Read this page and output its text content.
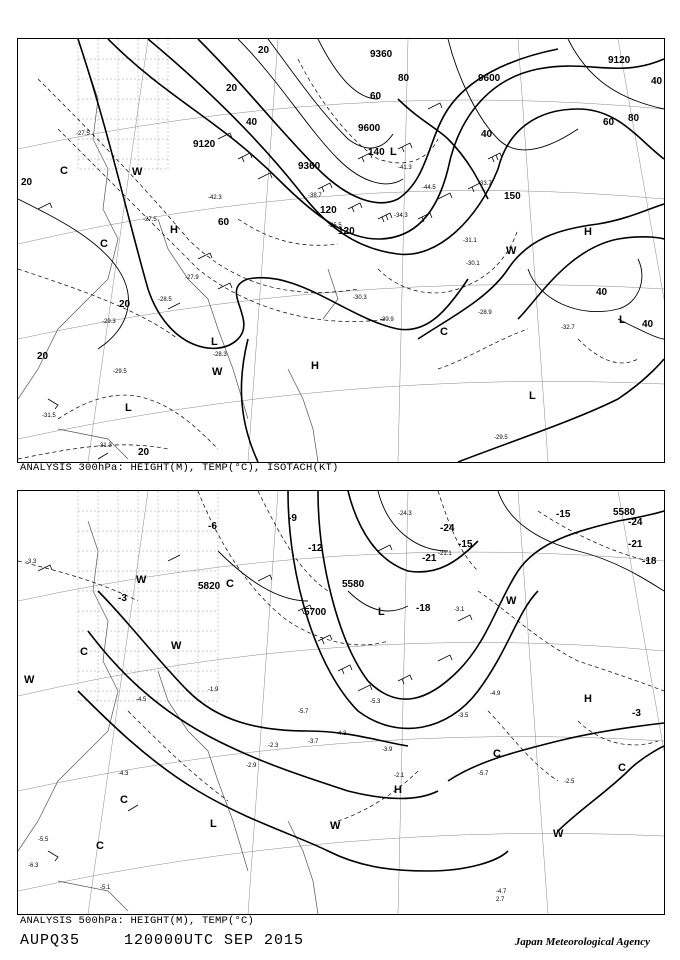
H
L
L
H
H
L
L
C
C
C
W
W
W
L
9120
9120
9360
9600
9600
9360
20
20
20
20
20
20
40
40
40
40
40
60
60
60
80
80
120
120
140
150
-27.5
-29.3
-29.5
-31.5
-31.3
-28.3
-27.9
-30.3
-30.9
-30.1
-31.1
-28.9
-32.7
-29.5
-27.5
-28.5
-33.7
-41.3
-44.5
-42.3	-38.7
-35.5
-34.3
ANALYSIS 300hPa: HEIGHT(M), TEMP(°C), ISOTACH(KT)
W
W
W
C
C
C
L
H
H
C
W
W
L
C
W
C
5820
5700
5580
5580
-3
-3
-6
-9
-12
-15
-15
-18
-21
-24
-24
-21
-18
-5.7
-4.9
-3.5
-2.5
-4.7
2.7
-2.1
-3.9
-4.5
-3.3
-5.1
-5.5
-6.3
-1.9
-4.3
-2.3
-2.9
-3.7
-5.7
-4.3
-3.1
-5.3
-21.1
-24.3
ANALYSIS 500hPa: HEIGHT(M), TEMP(°C)
AUPQ35	120000UTC SEP 2015	Japan Meteorological Agency
